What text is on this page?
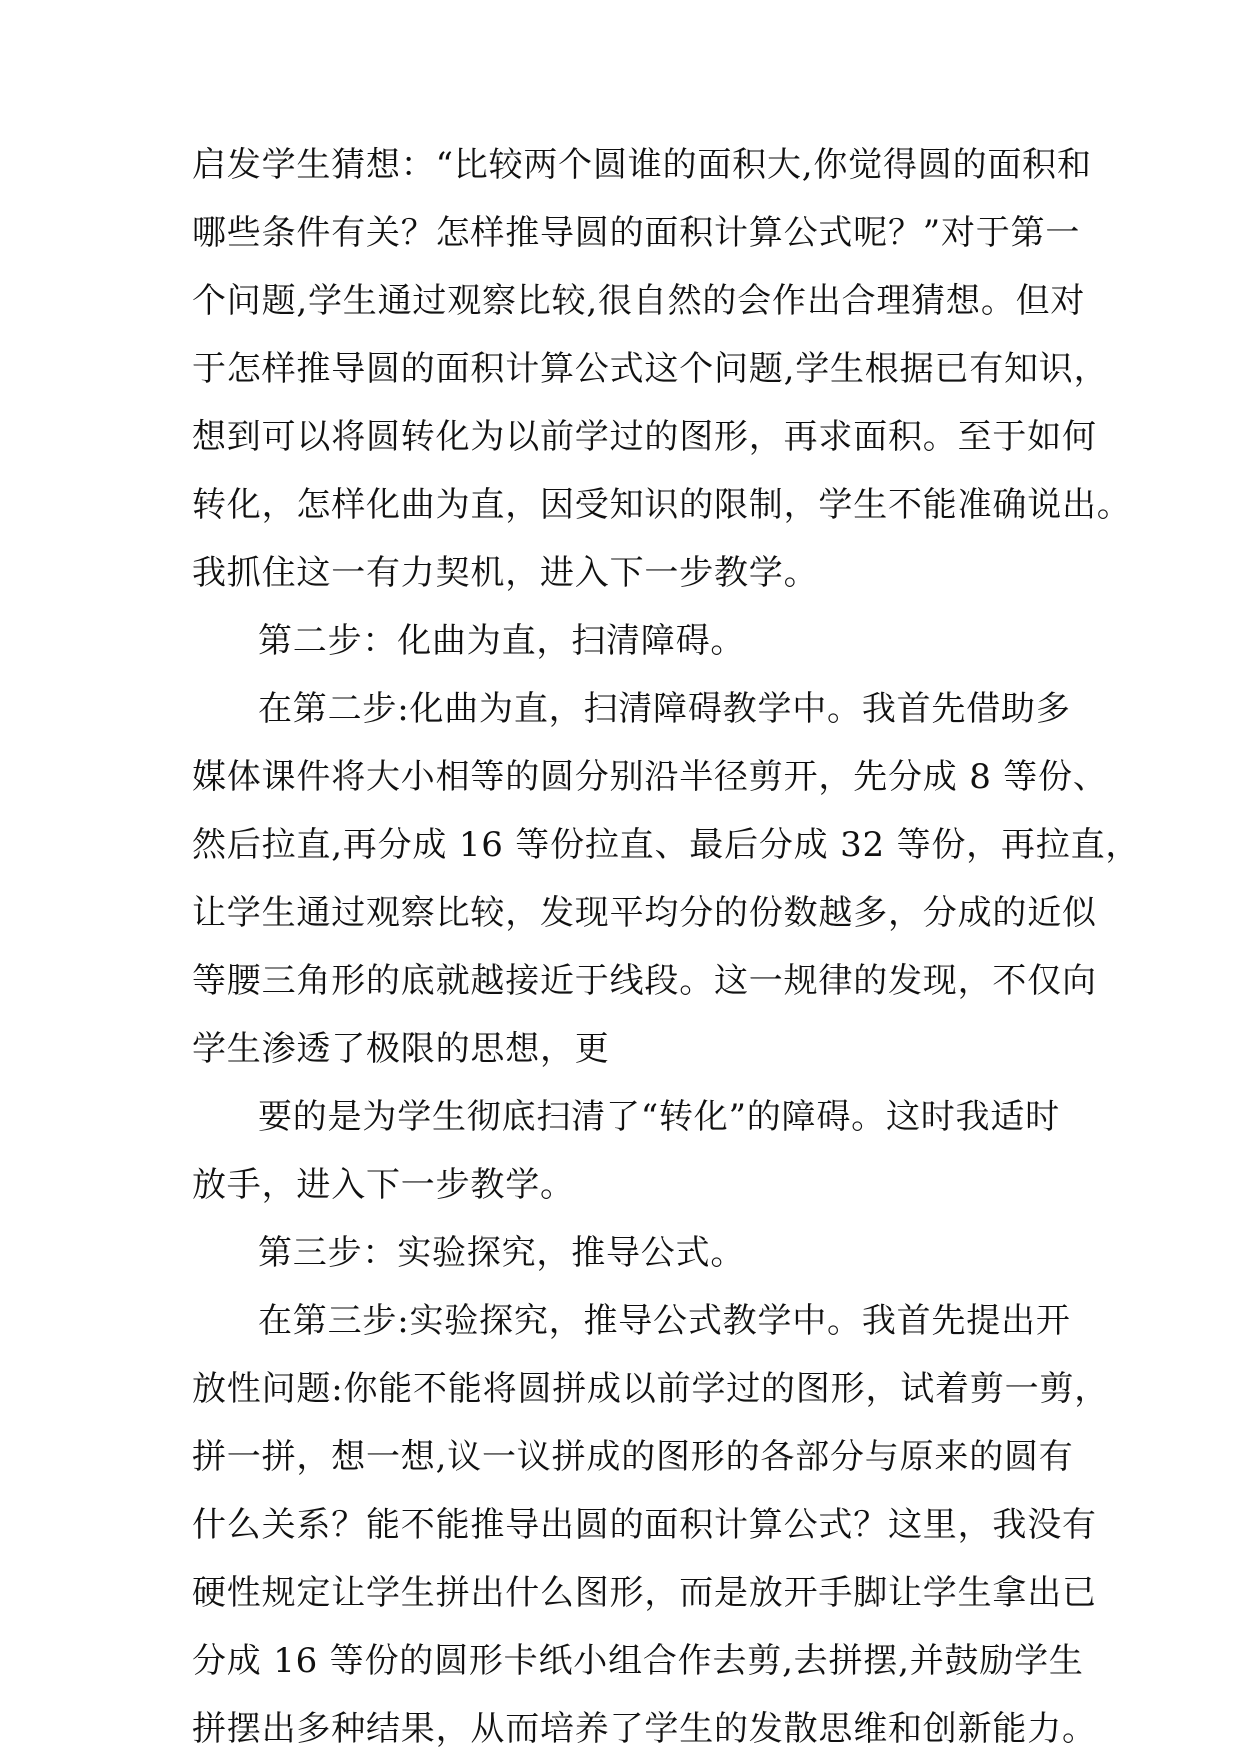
启发学生猜想：“比较两个圆谁的面积大,你觉得圆的面积和
哪些条件有关？怎样推导圆的面积计算公式呢？”对于第一
个问题,学生通过观察比较,很自然的会作出合理猜想。但对
于怎样推导圆的面积计算公式这个问题,学生根据已有知识，
想到可以将圆转化为以前学过的图形，再求面积。至于如何
转化，怎样化曲为直，因受知识的限制，学生不能准确说出。
我抓住这一有力契机，进入下一步教学。
第二步：化曲为直，扫清障碍。
在第二步:化曲为直，扫清障碍教学中。我首先借助多
媒体课件将大小相等的圆分别沿半径剪开，先分成 8 等份、
然后拉直,再分成 16 等份拉直、最后分成 32 等份，再拉直，
让学生通过观察比较，发现平均分的份数越多，分成的近似
等腰三角形的底就越接近于线段。这一规律的发现，不仅向
学生渗透了极限的思想，更
要的是为学生彻底扫清了“转化”的障碍。这时我适时
放手，进入下一步教学。
第三步：实验探究，推导公式。
在第三步:实验探究，推导公式教学中。我首先提出开
放性问题:你能不能将圆拼成以前学过的图形，试着剪一剪，
拼一拼，想一想,议一议拼成的图形的各部分与原来的圆有
什么关系？能不能推导出圆的面积计算公式？这里，我没有
硬性规定让学生拼出什么图形，而是放开手脚让学生拿出已
分成 16 等份的圆形卡纸小组合作去剪,去拼摆,并鼓励学生
拼摆出多种结果，从而培养了学生的发散思维和创新能力。
